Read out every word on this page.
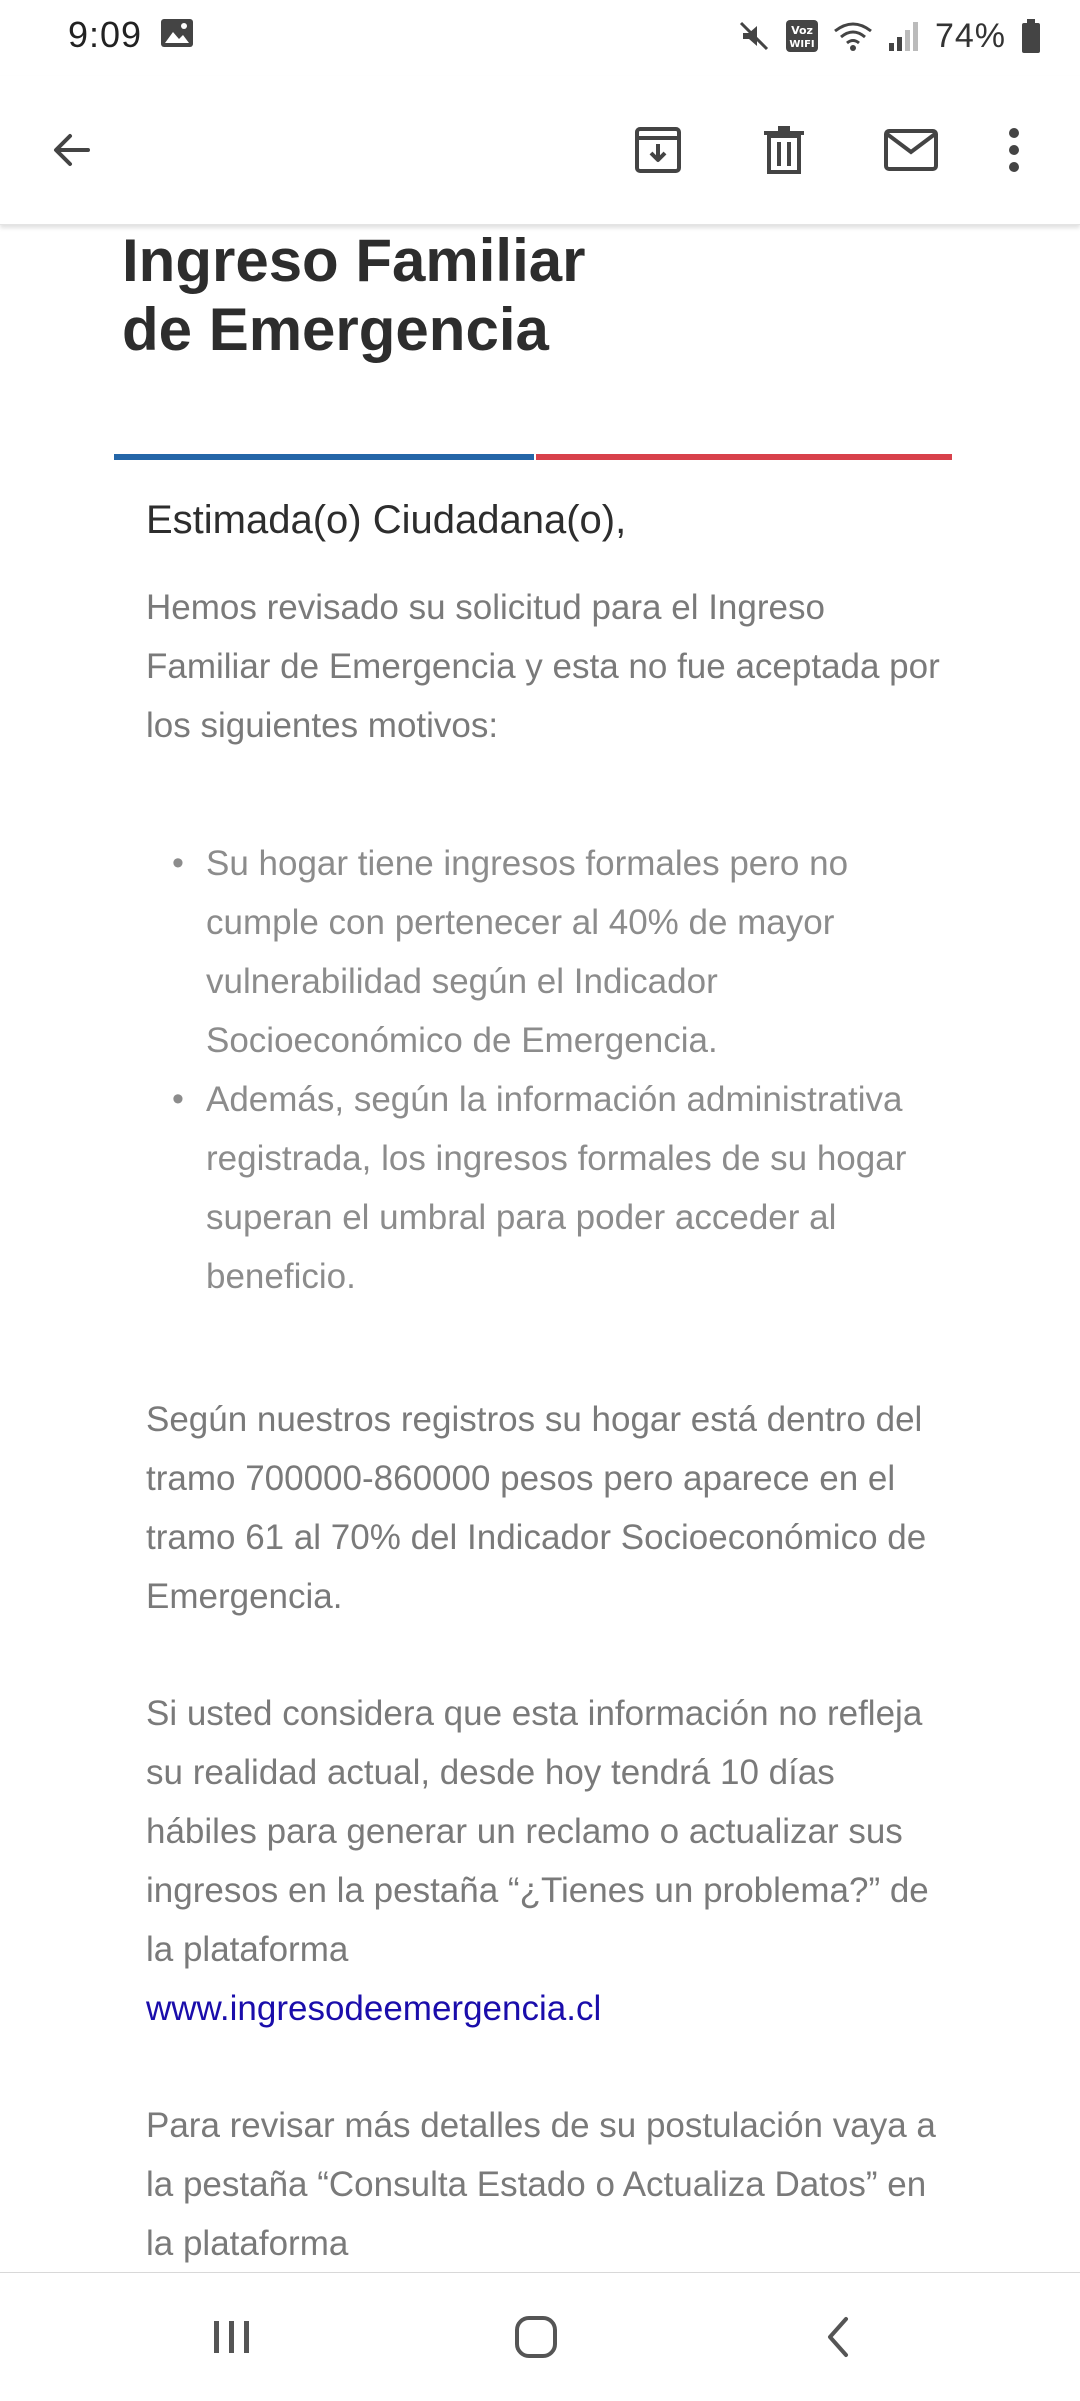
9:09	Voz
WIFI	74%
Ingreso Familiar de Emergencia

Estimada(o) Ciudadana(o),

Hemos revisado su solicitud para el Ingreso Familiar de Emergencia y esta no fue aceptada por los siguientes motivos:

• Su hogar tiene ingresos formales pero no cumple con pertenecer al 40% de mayor vulnerabilidad según el Indicador Socioeconómico de Emergencia.
• Además, según la información administrativa registrada, los ingresos formales de su hogar superan el umbral para poder acceder al beneficio.

Según nuestros registros su hogar está dentro del tramo 700000-860000 pesos pero aparece en el tramo 61 al 70% del Indicador Socioeconómico de Emergencia.

Si usted considera que esta información no refleja su realidad actual, desde hoy tendrá 10 días hábiles para generar un reclamo o actualizar sus ingresos en la pestaña “¿Tienes un problema?” de la plataforma
www.ingresodeemergencia.cl

Para revisar más detalles de su postulación vaya a la pestaña “Consulta Estado o Actualiza Datos” en la plataforma
